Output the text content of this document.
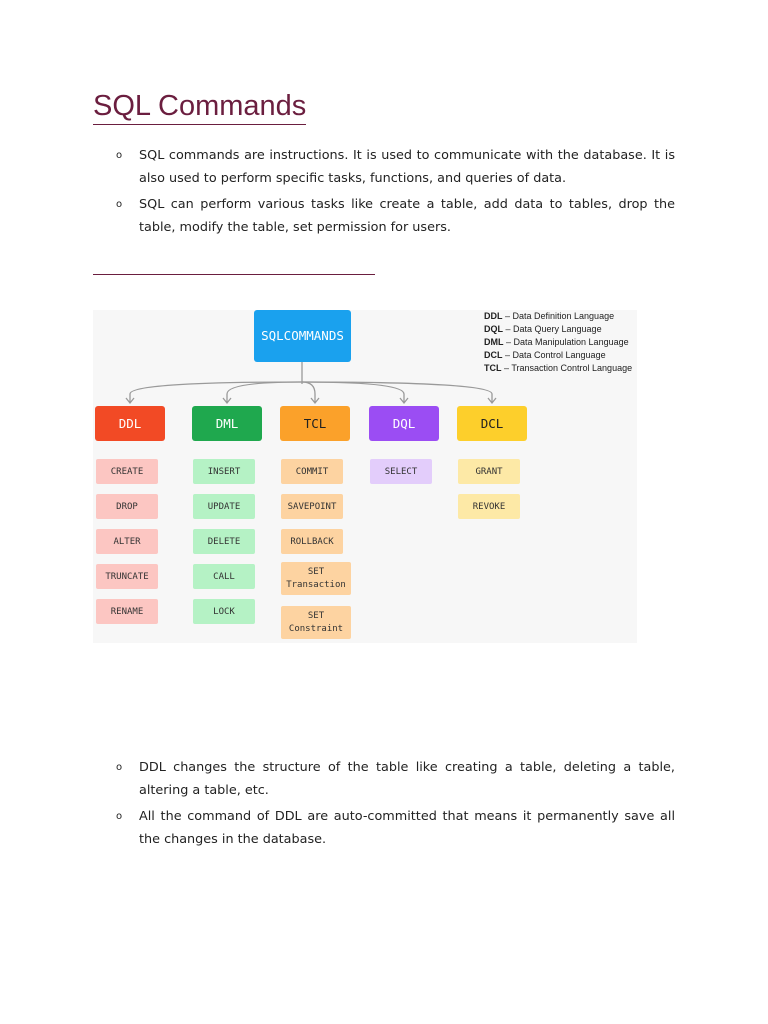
SQL Commands
o SQL commands are instructions. It is used to communicate with the database. It is also used to perform specific tasks, functions, and queries of data.
o SQL can perform various tasks like create a table, add data to tables, drop the table, modify the table, set permission for users.
SQL COMMANDS
DDL – Data Definition Language
DQL – Data Query Language
DML – Data Manipulation Language
DCL – Data Control Language
TCL – Transaction Control Language
DDL
CREATE
DROP
ALTER
TRUNCATE
RENAME
DML
INSERT
UPDATE
DELETE
CALL
LOCK
TCL
COMMIT
SAVEPOINT
ROLLBACK
SET
Transaction
SET
Constraint
DQL
SELECT
DCL
GRANT
REVOKE
o DDL changes the structure of the table like creating a table, deleting a table, altering a table, etc.
o All the command of DDL are auto-committed that means it permanently save all the changes in the database.
